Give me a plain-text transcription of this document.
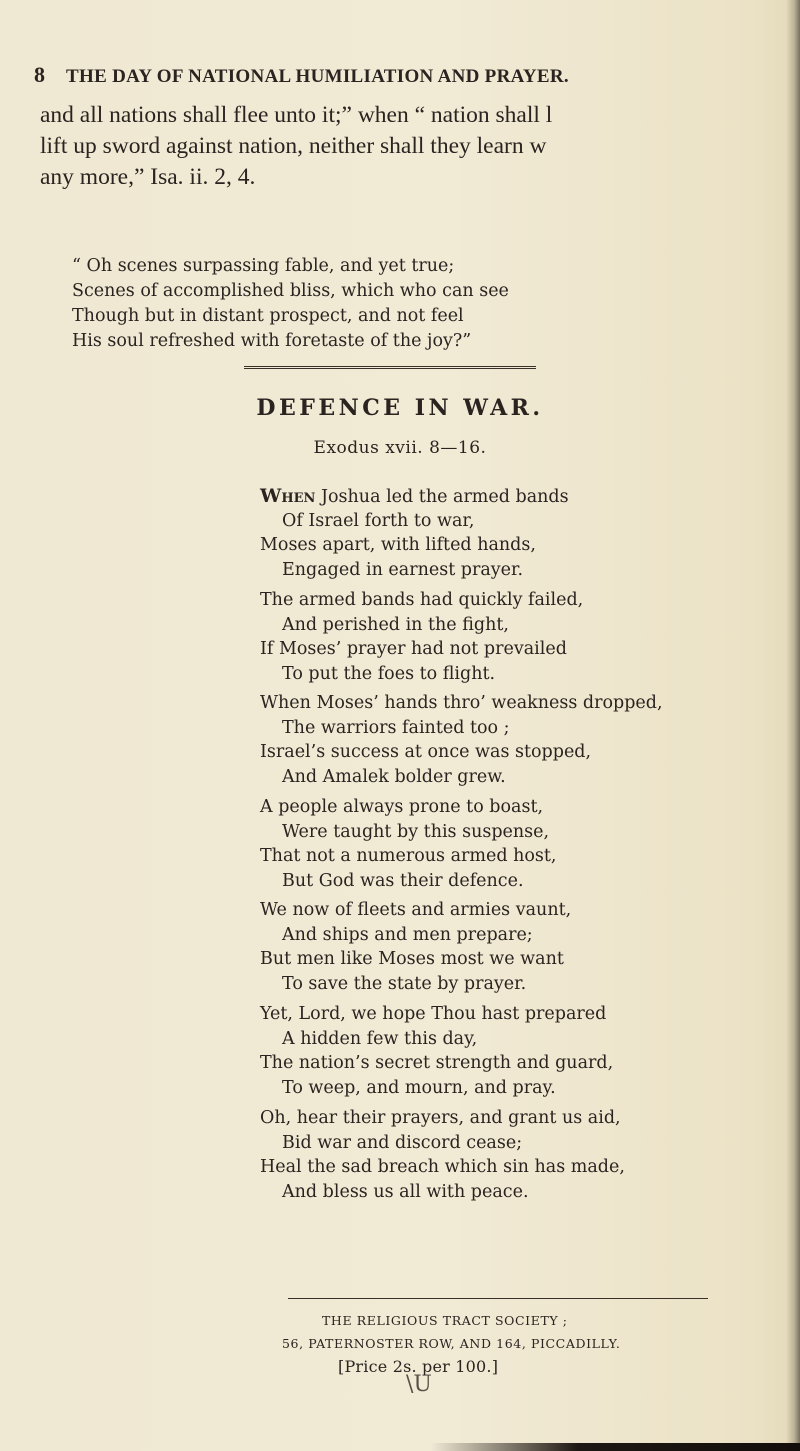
8 THE DAY OF NATIONAL HUMILIATION AND PRAYER.
and all nations shall flee unto it;” when “ nation shall l
lift up sword against nation, neither shall they learn w
any more,” Isa. ii. 2, 4.
“ Oh scenes surpassing fable, and yet true;
Scenes of accomplished bliss, which who can see
Though but in distant prospect, and not feel
His soul refreshed with foretaste of the joy?”
DEFENCE IN WAR.
Exodus xvii. 8—16.
When Joshua led the armed bands
Of Israel forth to war,
Moses apart, with lifted hands,
Engaged in earnest prayer.
The armed bands had quickly failed,
And perished in the fight,
If Moses’ prayer had not prevailed
To put the foes to flight.
When Moses’ hands thro’ weakness dropped,
The warriors fainted too ;
Israel’s success at once was stopped,
And Amalek bolder grew.
A people always prone to boast,
Were taught by this suspense,
That not a numerous armed host,
But God was their defence.
We now of fleets and armies vaunt,
And ships and men prepare;
But men like Moses most we want
To save the state by prayer.
Yet, Lord, we hope Thou hast prepared
A hidden few this day,
The nation’s secret strength and guard,
To weep, and mourn, and pray.
Oh, hear their prayers, and grant us aid,
Bid war and discord cease;
Heal the sad breach which sin has made,
And bless us all with peace.
THE RELIGIOUS TRACT SOCIETY ;
56, PATERNOSTER ROW, AND 164, PICCADILLY.
[Price 2s. per 100.]
\U
